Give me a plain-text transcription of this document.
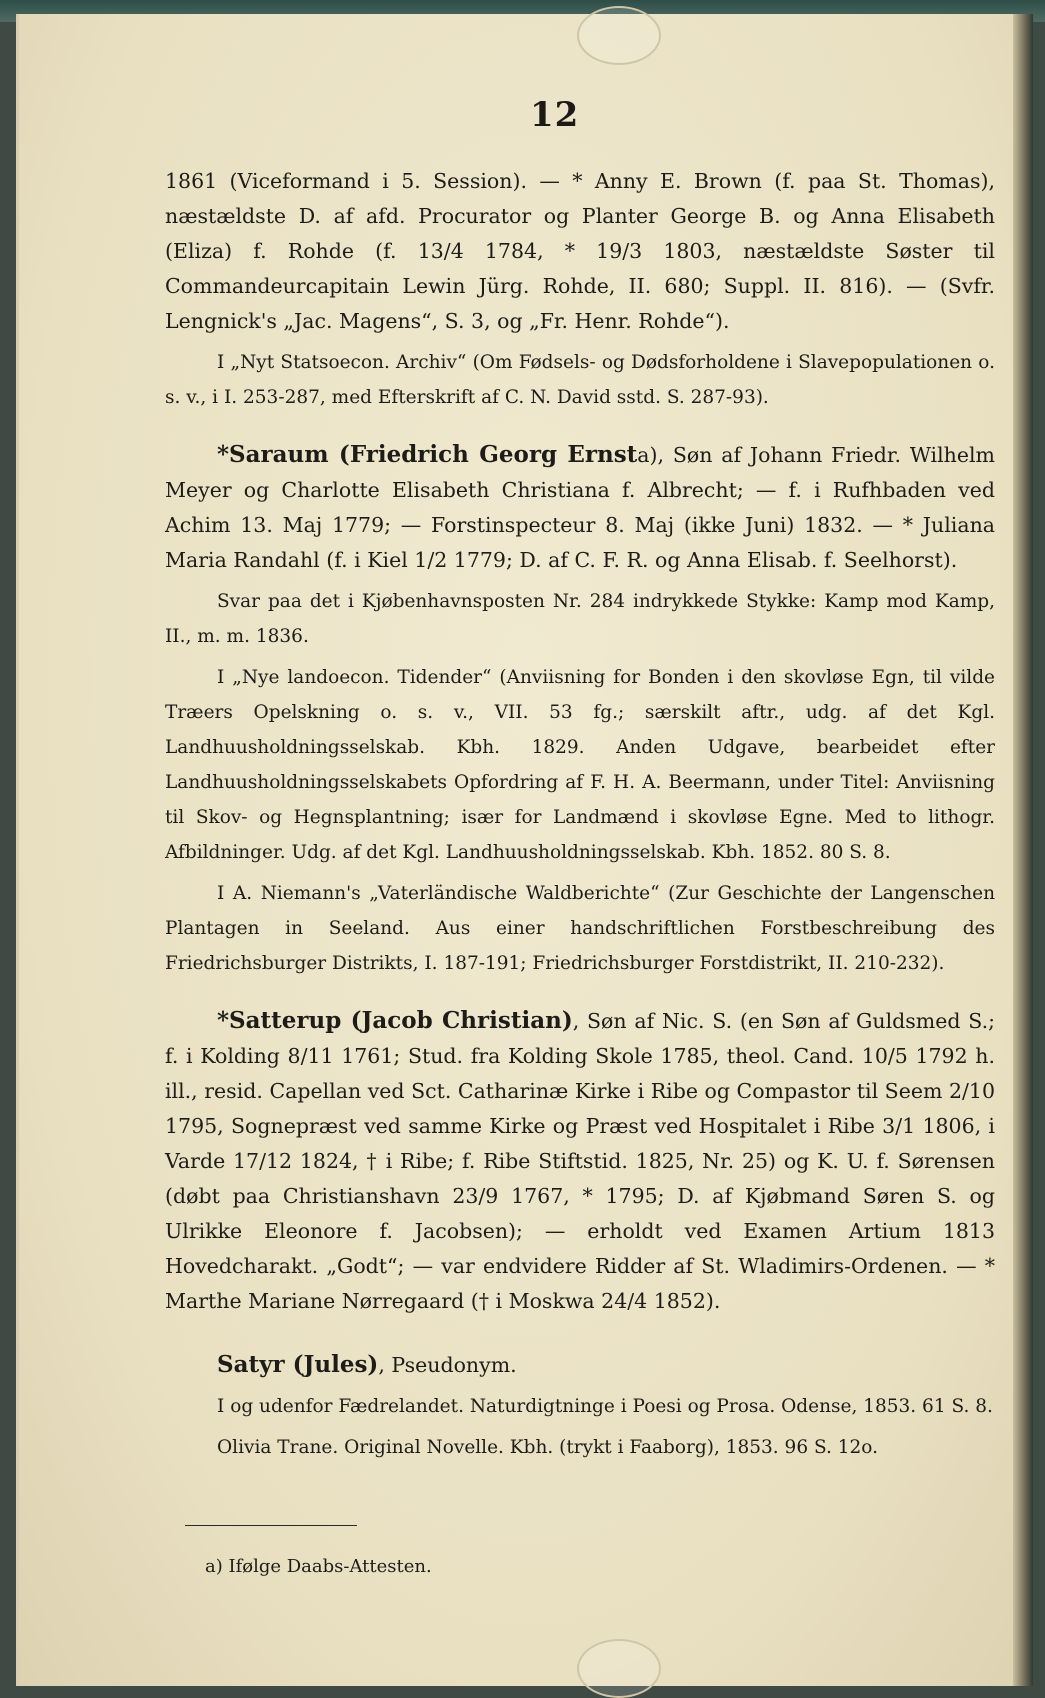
12

1861 (Viceformand i 5. Session). — * Anny E. Brown (f. paa St. Thomas), næstældste D. af afd. Procurator og Planter George B. og Anna Elisabeth (Eliza) f. Rohde (f. 13/4 1784, * 19/3 1803, næstældste Søster til Commandeurcapitain Lewin Jürg. Rohde, II. 680; Suppl. II. 816). — (Svfr. Lengnick's „Jac. Magens“, S. 3, og „Fr. Henr. Rohde“).

I „Nyt Statsoecon. Archiv“ (Om Fødsels- og Dødsforholdene i Slavepopulationen o. s. v., i I. 253-287, med Efterskrift af C. N. David sstd. S. 287-93).

*Saraum (Friedrich Georg Ernsta), Søn af Johann Friedr. Wilhelm Meyer og Charlotte Elisabeth Christiana f. Albrecht; — f. i Rufhbaden ved Achim 13. Maj 1779; — Forstinspecteur 8. Maj (ikke Juni) 1832. — * Juliana Maria Randahl (f. i Kiel 1/2 1779; D. af C. F. R. og Anna Elisab. f. Seelhorst).

Svar paa det i Kjøbenhavnsposten Nr. 284 indrykkede Stykke: Kamp mod Kamp, II., m. m. 1836.

I „Nye landoecon. Tidender“ (Anviisning for Bonden i den skovløse Egn, til vilde Træers Opelskning o. s. v., VII. 53 fg.; særskilt aftr., udg. af det Kgl. Landhuusholdningsselskab. Kbh. 1829. Anden Udgave, bearbeidet efter Landhuusholdningsselskabets Opfordring af F. H. A. Beermann, under Titel: Anviisning til Skov- og Hegnsplantning; især for Landmænd i skovløse Egne. Med to lithogr. Afbildninger. Udg. af det Kgl. Landhuusholdningsselskab. Kbh. 1852. 80 S. 8.

I A. Niemann's „Vaterländische Waldberichte“ (Zur Geschichte der Langenschen Plantagen in Seeland. Aus einer handschriftlichen Forstbeschreibung des Friedrichsburger Distrikts, I. 187-191; Friedrichsburger Forstdistrikt, II. 210-232).

*Satterup (Jacob Christian), Søn af Nic. S. (en Søn af Guldsmed S.; f. i Kolding 8/11 1761; Stud. fra Kolding Skole 1785, theol. Cand. 10/5 1792 h. ill., resid. Capellan ved Sct. Catharinæ Kirke i Ribe og Compastor til Seem 2/10 1795, Sognepræst ved samme Kirke og Præst ved Hospitalet i Ribe 3/1 1806, i Varde 17/12 1824, † i Ribe; f. Ribe Stiftstid. 1825, Nr. 25) og K. U. f. Sørensen (døbt paa Christianshavn 23/9 1767, * 1795; D. af Kjøbmand Søren S. og Ulrikke Eleonore f. Jacobsen); — erholdt ved Examen Artium 1813 Hovedcharakt. „Godt“; — var endvidere Ridder af St. Wladimirs-Ordenen. — * Marthe Mariane Nørregaard († i Moskwa 24/4 1852).

Satyr (Jules), Pseudonym.

I og udenfor Fædrelandet. Naturdigtninge i Poesi og Prosa. Odense, 1853. 61 S. 8.

Olivia Trane. Original Novelle. Kbh. (trykt i Faaborg), 1853. 96 S. 12o.

a) Ifølge Daabs-Attesten.
